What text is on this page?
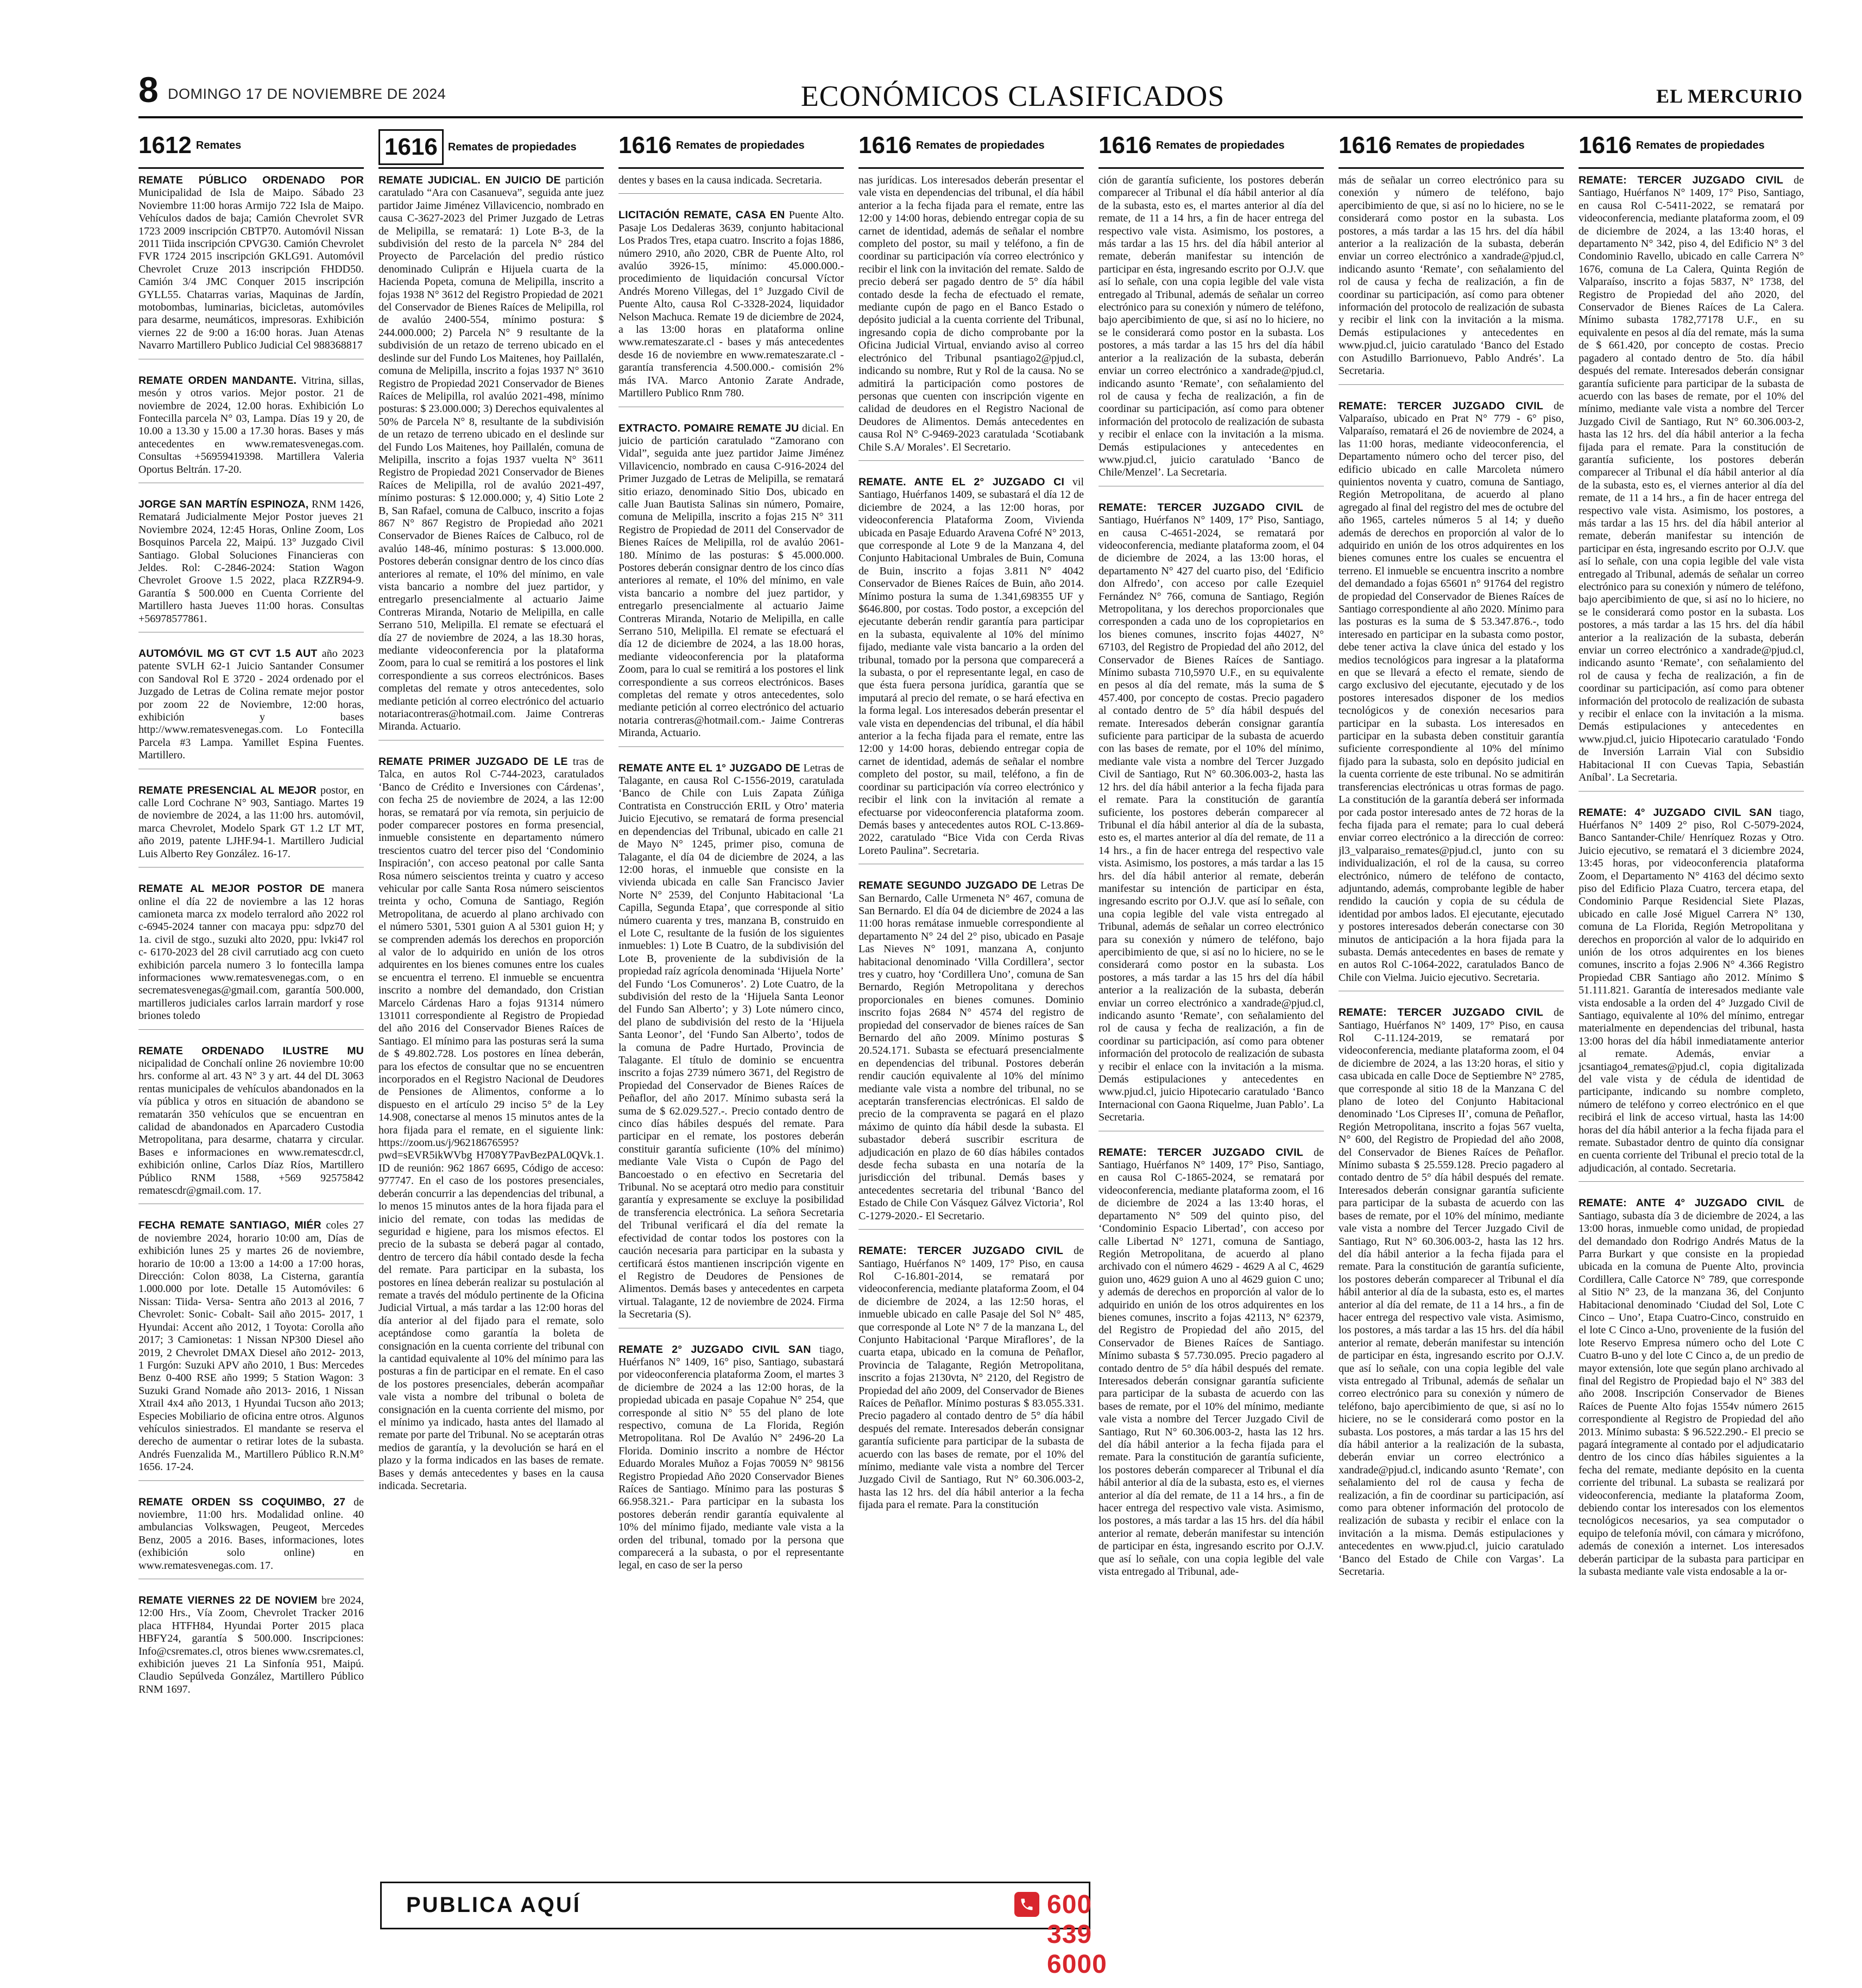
8 DOMINGO 17 DE NOVIEMBRE DE 2024	ECONÓMICOS CLASIFICADOS	EL MERCURIO
1612 Remates

REMATE PÚBLICO ORDENADO POR Municipalidad de Isla de Maipo. Sábado 23 Noviembre 11:00 horas Armijo 722 Isla de Maipo. Vehículos dados de baja; Camión Chevrolet SVR 1723 2009 inscripción CBTP70. Automóvil Nissan 2011 Tiida inscripción CPVG30. Camión Chevrolet FVR 1724 2015 inscripción GKLG91. Automóvil Chevrolet Cruze 2013 inscripción FHDD50. Camión 3/4 JMC Conquer 2015 inscripción GYLL55. Chatarras varias, Maquinas de Jardín, motobombas, luminarias, bicicletas, automóviles para desarme, neumáticos, impresoras. Exhibición viernes 22 de 9:00 a 16:00 horas. Juan Atenas Navarro Martillero Publico Judicial Cel 988368817

REMATE ORDEN MANDANTE. Vitrina, sillas, mesón y otros varios. Mejor postor. 21 de noviembre de 2024, 12.00 horas. Exhibición Lo Fontecilla parcela N° 03, Lampa. Días 19 y 20, de 10.00 a 13.30 y 15.00 a 17.30 horas. Bases y más antecedentes en www.rematesvenegas.com. Consultas +56959419398. Martillera Valeria Oportus Beltrán. 17-20.

JORGE SAN MARTÍN ESPINOZA, RNM 1426, Rematará Judicialmente Mejor Postor jueves 21 Noviembre 2024, 12:45 Horas, Online Zoom, Los Bosquinos Parcela 22, Maipú. 13° Juzgado Civil Santiago. Global Soluciones Financieras con Jeldes. Rol: C-2846-2024: Station Wagon Chevrolet Groove 1.5 2022, placa RZZR94-9. Garantía $ 500.000 en Cuenta Corriente del Martillero hasta Jueves 11:00 horas. Consultas +56978577861.

AUTOMÓVIL MG GT CVT 1.5 AUT año 2023 patente SVLH 62-1 Juicio Santander Consumer con Sandoval Rol E 3720 - 2024 ordenado por el Juzgado de Letras de Colina remate mejor postor por zoom 22 de Noviembre, 12:00 horas, exhibición y bases http://www.rematesvenegas.com. Lo Fontecilla Parcela #3 Lampa. Yamillet Espina Fuentes. Martillero.

REMATE PRESENCIAL AL MEJOR postor, en calle Lord Cochrane N° 903, Santiago. Martes 19 de noviembre de 2024, a las 11:00 hrs. automóvil, marca Chevrolet, Modelo Spark GT 1.2 LT MT, año 2019, patente LJHF.94-1. Martillero Judicial Luis Alberto Rey González. 16-17.

REMATE AL MEJOR POSTOR DE manera online el día 22 de noviembre a las 12 horas camioneta marca zx modelo terralord año 2022 rol c-6945-2024 tanner con macaya ppu: sdpz70 del 1a. civil de stgo., suzuki alto 2020, ppu: lvki47 rol c- 6170-2023 del 28 civil carrutiado acg con cueto exhibición parcela numero 3 lo fontecilla lampa informaciones www.rematesvenegas.com, o en secrematesvenegas@gmail.com, garantía 500.000, martilleros judiciales carlos larrain mardorf y rose briones toledo

REMATE ORDENADO ILUSTRE MU nicipalidad de Conchalí online 26 noviembre 10:00 hrs. conforme al art. 43 N° 3 y art. 44 del DL 3063 rentas municipales de vehículos abandonados en la vía pública y otros en situación de abandono se rematarán 350 vehículos que se encuentran en calidad de abandonados en Aparcadero Custodia Metropolitana, para desarme, chatarra y circular. Bases e informaciones en www.rematescdr.cl, exhibición online, Carlos Díaz Ríos, Martillero Público RNM 1588, +569 92575842 rematescdr@gmail.com. 17.

FECHA REMATE SANTIAGO, MIÉR coles 27 de noviembre 2024, horario 10:00 am, Días de exhibición lunes 25 y martes 26 de noviembre, horario de 10:00 a 13:00 a 14:00 a 17:00 horas, Dirección: Colon 8038, La Cisterna, garantía 1.000.000 por lote. Detalle 15 Automóviles: 6 Nissan: Tiida- Versa- Sentra año 2013 al 2016, 7 Chevrolet: Sonic- Cobalt- Sail año 2015- 2017, 1 Hyundai: Accent año 2012, 1 Toyota: Corolla año 2017; 3 Camionetas: 1 Nissan NP300 Diesel año 2019, 2 Chevrolet DMAX Diesel año 2012- 2013, 1 Furgón: Suzuki APV año 2010, 1 Bus: Mercedes Benz 0-400 RSE año 1999; 5 Station Wagon: 3 Suzuki Grand Nomade año 2013- 2016, 1 Nissan Xtrail 4x4 año 2013, 1 Hyundai Tucson año 2013; Especies Mobiliario de oficina entre otros. Algunos vehículos siniestrados. El mandante se reserva el derecho de aumentar o retirar lotes de la subasta. Andrés Fuenzalida M., Martillero Público R.N.M° 1656. 17-24.

REMATE ORDEN SS COQUIMBO, 27 de noviembre, 11:00 hrs. Modalidad online. 40 ambulancias Volkswagen, Peugeot, Mercedes Benz, 2005 a 2016. Bases, informaciones, lotes (exhibición solo online) en www.rematesvenegas.com. 17.

REMATE VIERNES 22 DE NOVIEM bre 2024, 12:00 Hrs., Vía Zoom, Chevrolet Tracker 2016 placa HTFH84, Hyundai Porter 2015 placa HBFY24, garantía $ 500.000. Inscripciones: Info@csremates.cl, otros bienes www.csremates.cl, exhibición jueves 21 La Sinfonía 951, Maipú. Claudio Sepúlveda González, Martillero Público RNM 1697.

1616 Remates de propiedades

REMATE JUDICIAL. EN JUICIO DE partición caratulado “Ara con Casanueva”, seguida ante juez partidor Jaime Jiménez Villavicencio, nombrado en causa C-3627-2023 del Primer Juzgado de Letras de Melipilla, se rematará: 1) Lote B-3, de la subdivisión del resto de la parcela N° 284 del Proyecto de Parcelación del predio rústico denominado Culiprán e Hijuela cuarta de la Hacienda Popeta, comuna de Melipilla, inscrito a fojas 1938 N° 3612 del Registro Propiedad de 2021 del Conservador de Bienes Raíces de Melipilla, rol de avalúo 2400-554, mínimo postura: $ 244.000.000; 2) Parcela N° 9 resultante de la subdivisión de un retazo de terreno ubicado en el deslinde sur del Fundo Los Maitenes, hoy Paillalén, comuna de Melipilla, inscrito a fojas 1937 N° 3610 Registro de Propiedad 2021 Conservador de Bienes Raíces de Melipilla, rol avalúo 2021-498, mínimo posturas: $ 23.000.000; 3) Derechos equivalentes al 50% de Parcela N° 8, resultante de la subdivisión de un retazo de terreno ubicado en el deslinde sur del Fundo Los Maitenes, hoy Paillalén, comuna de Melipilla, inscrito a fojas 1937 vuelta N° 3611 Registro de Propiedad 2021 Conservador de Bienes Raíces de Melipilla, rol de avalúo 2021-497, mínimo posturas: $ 12.000.000; y, 4) Sitio Lote 2 B, San Rafael, comuna de Calbuco, inscrito a fojas 867 N° 867 Registro de Propiedad año 2021 Conservador de Bienes Raíces de Calbuco, rol de avalúo 148-46, mínimo posturas: $ 13.000.000. Postores deberán consignar dentro de los cinco días anteriores al remate, el 10% del mínimo, en vale vista bancario a nombre del juez partidor, y entregarlo presencialmente al actuario Jaime Contreras Miranda, Notario de Melipilla, en calle Serrano 510, Melipilla. El remate se efectuará el día 27 de noviembre de 2024, a las 18.30 horas, mediante videoconferencia por la plataforma Zoom, para lo cual se remitirá a los postores el link correspondiente a sus correos electrónicos. Bases completas del remate y otros antecedentes, solo mediante petición al correo electrónico del actuario notariacontreras@hotmail.com. Jaime Contreras Miranda. Actuario.

REMATE PRIMER JUZGADO DE LE tras de Talca, en autos Rol C-744-2023, caratulados ‘Banco de Crédito e Inversiones con Cárdenas’, con fecha 25 de noviembre de 2024, a las 12:00 horas, se rematará por vía remota, sin perjuicio de poder comparecer postores en forma presencial, inmueble consistente en departamento número trescientos cuatro del tercer piso del ‘Condominio Inspiración’, con acceso peatonal por calle Santa Rosa número seiscientos treinta y cuatro y acceso vehicular por calle Santa Rosa número seiscientos treinta y ocho, Comuna de Santiago, Región Metropolitana, de acuerdo al plano archivado con el número 5301, 5301 guion A al 5301 guion H; y se comprenden además los derechos en proporción al valor de lo adquirido en unión de los otros adquirentes en los bienes comunes entre los cuales se encuentra el terreno. El inmueble se encuentra inscrito a nombre del demandado, don Cristian Marcelo Cárdenas Haro a fojas 91314 número 131011 correspondiente al Registro de Propiedad del año 2016 del Conservador Bienes Raíces de Santiago. El mínimo para las posturas será la suma de $ 49.802.728. Los postores en línea deberán, para los efectos de consultar que no se encuentren incorporados en el Registro Nacional de Deudores de Pensiones de Alimentos, conforme a lo dispuesto en el artículo 29 inciso 5° de la Ley 14.908, conectarse al menos 15 minutos antes de la hora fijada para el remate, en el siguiente link: https://zoom.us/j/96218676595?pwd=sEVR5ikWVbg H708Y7PavBezPAL0QVk.1. ID de reunión: 962 1867 6695, Código de acceso: 977747. En el caso de los postores presenciales, deberán concurrir a las dependencias del tribunal, a lo menos 15 minutos antes de la hora fijada para el inicio del remate, con todas las medidas de seguridad e higiene, para los mismos efectos. El precio de la subasta se deberá pagar al contado, dentro de tercero día hábil contado desde la fecha del remate. Para participar en la subasta, los postores en línea deberán realizar su postulación al remate a través del módulo pertinente de la Oficina Judicial Virtual, a más tardar a las 12:00 horas del día anterior al del fijado para el remate, solo aceptándose como garantía la boleta de consignación en la cuenta corriente del tribunal con la cantidad equivalente al 10% del mínimo para las posturas a fin de participar en el remate. En el caso de los postores presenciales, deberán acompañar vale vista a nombre del tribunal o boleta de consignación en la cuenta corriente del mismo, por el mínimo ya indicado, hasta antes del llamado al remate por parte del Tribunal. No se aceptarán otras medios de garantía, y la devolución se hará en el plazo y la forma indicados en las bases de remate. Bases y demás antecedentes y bases en la causa indicada. Secretaria.

1616 Remates de propiedades

dentes y bases en la causa indicada. Secretaria.

LICITACIÓN REMATE, CASA EN Puente Alto. Pasaje Los Dedaleras 3639, conjunto habitacional Los Prados Tres, etapa cuatro. Inscrito a fojas 1886, número 2910, año 2020, CBR de Puente Alto, rol avalúo 3926-15, mínimo: 45.000.000.- procedimiento de liquidación concursal Víctor Andrés Moreno Villegas, del 1° Juzgado Civil de Puente Alto, causa Rol C-3328-2024, liquidador Nelson Machuca. Remate 19 de diciembre de 2024, a las 13:00 horas en plataforma online www.remateszarate.cl - bases y más antecedentes desde 16 de noviembre en www.remateszarate.cl - garantía transferencia 4.500.000.- comisión 2% más IVA. Marco Antonio Zarate Andrade, Martillero Publico Rnm 780.

EXTRACTO. POMAIRE REMATE JU dicial. En juicio de partición caratulado “Zamorano con Vidal”, seguida ante juez partidor Jaime Jiménez Villavicencio, nombrado en causa C-916-2024 del Primer Juzgado de Letras de Melipilla, se rematará sitio eriazo, denominado Sitio Dos, ubicado en calle Juan Bautista Salinas sin número, Pomaire, comuna de Melipilla, inscrito a fojas 215 N° 311 Registro de Propiedad de 2011 del Conservador de Bienes Raíces de Melipilla, rol de avalúo 2061-180. Mínimo de las posturas: $ 45.000.000. Postores deberán consignar dentro de los cinco días anteriores al remate, el 10% del mínimo, en vale vista bancario a nombre del juez partidor, y entregarlo presencialmente al actuario Jaime Contreras Miranda, Notario de Melipilla, en calle Serrano 510, Melipilla. El remate se efectuará el día 12 de diciembre de 2024, a las 18.00 horas, mediante videoconferencia por la plataforma Zoom, para lo cual se remitirá a los postores el link correspondiente a sus correos electrónicos. Bases completas del remate y otros antecedentes, solo mediante petición al correo electrónico del actuario notaria contreras@hotmail.com.- Jaime Contreras Miranda, Actuario.

REMATE ANTE EL 1° JUZGADO DE Letras de Talagante, en causa Rol C-1556-2019, caratulada ‘Banco de Chile con Luis Zapata Zúñiga Contratista en Construcción ERIL y Otro’ materia Juicio Ejecutivo, se rematará de forma presencial en dependencias del Tribunal, ubicado en calle 21 de Mayo N° 1245, primer piso, comuna de Talagante, el día 04 de diciembre de 2024, a las 12:00 horas, el inmueble que consiste en la vivienda ubicada en calle San Francisco Javier Norte N° 2539, del Conjunto Habitacional ‘La Capilla, Segunda Etapa’, que corresponde al sitio número cuarenta y tres, manzana B, construido en el Lote C, resultante de la fusión de los siguientes inmuebles: 1) Lote B Cuatro, de la subdivisión del Lote B, proveniente de la subdivisión de la propiedad raíz agrícola denominada ‘Hijuela Norte’ del Fundo ‘Los Comuneros’. 2) Lote Cuatro, de la subdivisión del resto de la ‘Hijuela Santa Leonor del Fundo San Alberto’; y 3) Lote número cinco, del plano de subdivisión del resto de la ‘Hijuela Santa Leonor’, del ‘Fundo San Alberto’, todos de la comuna de Padre Hurtado, Provincia de Talagante. El título de dominio se encuentra inscrito a fojas 2739 número 3671, del Registro de Propiedad del Conservador de Bienes Raíces de Peñaflor, del año 2017. Mínimo subasta será la suma de $ 62.029.527.-. Precio contado dentro de cinco días hábiles después del remate. Para participar en el remate, los postores deberán constituir garantía suficiente (10% del mínimo) mediante Vale Vista o Cupón de Pago del Bancoestado o en efectivo en Secretaria del Tribunal. No se aceptará otro medio para constituir garantía y expresamente se excluye la posibilidad de transferencia electrónica. La señora Secretaria del Tribunal verificará el día del remate la efectividad de contar todos los postores con la caución necesaria para participar en la subasta y certificará éstos mantienen inscripción vigente en el Registro de Deudores de Pensiones de Alimentos. Demás bases y antecedentes en carpeta virtual. Talagante, 12 de noviembre de 2024. Firma la Secretaria (S).

REMATE 2° JUZGADO CIVIL SAN tiago, Huérfanos N° 1409, 16° piso, Santiago, subastará por videoconferencia plataforma Zoom, el martes 3 de diciembre de 2024 a las 12:00 horas, de la propiedad ubicada en pasaje Copahue N° 254, que corresponde al sitio N° 55 del plano de lote respectivo, comuna de La Florida, Región Metropolitana. Rol De Avalúo N° 2496-20 La Florida. Dominio inscrito a nombre de Héctor Eduardo Morales Muñoz a Fojas 70059 N° 98156 Registro Propiedad Año 2020 Conservador Bienes Raíces de Santiago. Mínimo para las posturas $ 66.958.321.- Para participar en la subasta los postores deberán rendir garantía equivalente al 10% del mínimo fijado, mediante vale vista a la orden del tribunal, tomado por la persona que comparecerá a la subasta, o por el representante legal, en caso de ser la perso

1616 Remates de propiedades

nas jurídicas. Los interesados deberán presentar el vale vista en dependencias del tribunal, el día hábil anterior a la fecha fijada para el remate, entre las 12:00 y 14:00 horas, debiendo entregar copia de su carnet de identidad, además de señalar el nombre completo del postor, su mail y teléfono, a fin de coordinar su participación vía correo electrónico y recibir el link con la invitación del remate. Saldo de precio deberá ser pagado dentro de 5° día hábil contado desde la fecha de efectuado el remate, mediante cupón de pago en el Banco Estado o depósito judicial a la cuenta corriente del Tribunal, ingresando copia de dicho comprobante por la Oficina Judicial Virtual, enviando aviso al correo electrónico del Tribunal psantiago2@pjud.cl, indicando su nombre, Rut y Rol de la causa. No se admitirá la participación como postores de personas que cuenten con inscripción vigente en calidad de deudores en el Registro Nacional de Deudores de Alimentos. Demás antecedentes en causa Rol N° C-9469-2023 caratulada ‘Scotiabank Chile S.A/ Morales’. El Secretario.

REMATE. ANTE EL 2° JUZGADO CI vil Santiago, Huérfanos 1409, se subastará el día 12 de diciembre de 2024, a las 12:00 horas, por videoconferencia Plataforma Zoom, Vivienda ubicada en Pasaje Eduardo Aravena Cofré N° 2013, que corresponde al Lote 9 de la Manzana 4, del Conjunto Habitacional Umbrales de Buin, Comuna de Buin, inscrito a fojas 3.811 N° 4042 Conservador de Bienes Raíces de Buin, año 2014. Mínimo postura la suma de 1.341,698355 UF y $646.800, por costas. Todo postor, a excepción del ejecutante deberán rendir garantía para participar en la subasta, equivalente al 10% del mínimo fijado, mediante vale vista bancario a la orden del tribunal, tomado por la persona que comparecerá a la subasta, o por el representante legal, en caso de que ésta fuera persona jurídica, garantía que se imputará al precio del remate, o se hará efectiva en la forma legal. Los interesados deberán presentar el vale vista en dependencias del tribunal, el día hábil anterior a la fecha fijada para el remate, entre las 12:00 y 14:00 horas, debiendo entregar copia de carnet de identidad, además de señalar el nombre completo del postor, su mail, teléfono, a fin de coordinar su participación vía correo electrónico y recibir el link con la invitación al remate a efectuarse por videoconferencia plataforma zoom. Demás bases y antecedentes autos ROL C-13.869-2022, caratulado “Bice Vida con Cerda Rivas Loreto Paulina”. Secretaria.

REMATE SEGUNDO JUZGADO DE Letras De San Bernardo, Calle Urmeneta N° 467, comuna de San Bernardo. El día 04 de diciembre de 2024 a las 11:00 horas remátase inmueble correspondiente al departamento N° 24 del 2° piso, ubicado en Pasaje Las Nieves N° 1091, manzana A, conjunto habitacional denominado ‘Villa Cordillera’, sector tres y cuatro, hoy ‘Cordillera Uno’, comuna de San Bernardo, Región Metropolitana y derechos proporcionales en bienes comunes. Dominio inscrito fojas 2684 N° 4574 del registro de propiedad del conservador de bienes raíces de San Bernardo del año 2009. Mínimo posturas $ 20.524.171. Subasta se efectuará presencialmente en dependencias del tribunal. Postores deberán rendir caución equivalente al 10% del mínimo mediante vale vista a nombre del tribunal, no se aceptarán transferencias electrónicas. El saldo de precio de la compraventa se pagará en el plazo máximo de quinto día hábil desde la subasta. El subastador deberá suscribir escritura de adjudicación en plazo de 60 días hábiles contados desde fecha subasta en una notaría de la jurisdicción del tribunal. Demás bases y antecedentes secretaria del tribunal ‘Banco del Estado de Chile Con Vásquez Gálvez Victoria’, Rol C-1279-2020.- El Secretario.

REMATE: TERCER JUZGADO CIVIL de Santiago, Huérfanos N° 1409, 17° Piso, en causa Rol C-16.801-2014, se rematará por videoconferencia, mediante plataforma Zoom, el 04 de diciembre de 2024, a las 12:50 horas, el inmueble ubicado en calle Pasaje del Sol N° 485, que corresponde al Lote N° 7 de la manzana L, del Conjunto Habitacional ‘Parque Miraflores’, de la cuarta etapa, ubicado en la comuna de Peñaflor, Provincia de Talagante, Región Metropolitana, inscrito a fojas 2130vta, N° 2120, del Registro de Propiedad del año 2009, del Conservador de Bienes Raíces de Peñaflor. Mínimo posturas $ 83.055.331. Precio pagadero al contado dentro de 5° día hábil después del remate. Interesados deberán consignar garantía suficiente para participar de la subasta de acuerdo con las bases de remate, por el 10% del mínimo, mediante vale vista a nombre del Tercer Juzgado Civil de Santiago, Rut N° 60.306.003-2, hasta las 12 hrs. del día hábil anterior a la fecha fijada para el remate. Para la constitución

1616 Remates de propiedades

ción de garantía suficiente, los postores deberán comparecer al Tribunal el día hábil anterior al día de la subasta, esto es, el martes anterior al día del remate, de 11 a 14 hrs, a fin de hacer entrega del respectivo vale vista. Asimismo, los postores, a más tardar a las 15 hrs. del día hábil anterior al remate, deberán manifestar su intención de participar en ésta, ingresando escrito por O.J.V. que así lo señale, con una copia legible del vale vista entregado al Tribunal, además de señalar un correo electrónico para su conexión y número de teléfono, bajo apercibimiento de que, si así no lo hiciere, no se le considerará como postor en la subasta. Los postores, a más tardar a las 15 hrs del día hábil anterior a la realización de la subasta, deberán enviar un correo electrónico a xandrade@pjud.cl, indicando asunto ‘Remate’, con señalamiento del rol de causa y fecha de realización, a fin de coordinar su participación, así como para obtener información del protocolo de realización de subasta y recibir el enlace con la invitación a la misma. Demás estipulaciones y antecedentes en www.pjud.cl, juicio caratulado ‘Banco de Chile/Menzel’. La Secretaria.

REMATE: TERCER JUZGADO CIVIL de Santiago, Huérfanos N° 1409, 17° Piso, Santiago, en causa C-4651-2024, se rematará por videoconferencia, mediante plataforma zoom, el 04 de diciembre de 2024, a las 13:00 horas, el departamento N° 427 del cuarto piso, del ‘Edificio don Alfredo’, con acceso por calle Ezequiel Fernández N° 766, comuna de Santiago, Región Metropolitana, y los derechos proporcionales que corresponden a cada uno de los copropietarios en los bienes comunes, inscrito fojas 44027, N° 67103, del Registro de Propiedad del año 2012, del Conservador de Bienes Raíces de Santiago. Mínimo subasta 710,5970 U.F., en su equivalente en pesos al día del remate, más la suma de $ 457.400, por concepto de costas. Precio pagadero al contado dentro de 5° día hábil después del remate. Interesados deberán consignar garantía suficiente para participar de la subasta de acuerdo con las bases de remate, por el 10% del mínimo, mediante vale vista a nombre del Tercer Juzgado Civil de Santiago, Rut N° 60.306.003-2, hasta las 12 hrs. del día hábil anterior a la fecha fijada para el remate. Para la constitución de garantía suficiente, los postores deberán comparecer al Tribunal el día hábil anterior al día de la subasta, esto es, el martes anterior al día del remate, de 11 a 14 hrs., a fin de hacer entrega del respectivo vale vista. Asimismo, los postores, a más tardar a las 15 hrs. del día hábil anterior al remate, deberán manifestar su intención de participar en ésta, ingresando escrito por O.J.V. que así lo señale, con una copia legible del vale vista entregado al Tribunal, además de señalar un correo electrónico para su conexión y número de teléfono, bajo apercibimiento de que, si así no lo hiciere, no se le considerará como postor en la subasta. Los postores, a más tardar a las 15 hrs del día hábil anterior a la realización de la subasta, deberán enviar un correo electrónico a xandrade@pjud.cl, indicando asunto ‘Remate’, con señalamiento del rol de causa y fecha de realización, a fin de coordinar su participación, así como para obtener información del protocolo de realización de subasta y recibir el enlace con la invitación a la misma. Demás estipulaciones y antecedentes en www.pjud.cl, juicio Hipotecario caratulado ‘Banco Internacional con Gaona Riquelme, Juan Pablo’. La Secretaria.

REMATE: TERCER JUZGADO CIVIL de Santiago, Huérfanos N° 1409, 17° Piso, Santiago, en causa Rol C-1865-2024, se rematará por videoconferencia, mediante plataforma zoom, el 16 de diciembre de 2024 a las 13:40 horas, el departamento N° 509 del quinto piso, del ‘Condominio Espacio Libertad’, con acceso por calle Libertad N° 1271, comuna de Santiago, Región Metropolitana, de acuerdo al plano archivado con el número 4629 - 4629 A al C, 4629 guion uno, 4629 guion A uno al 4629 guion C uno; y además de derechos en proporción al valor de lo adquirido en unión de los otros adquirentes en los bienes comunes, inscrito a fojas 42113, N° 62379, del Registro de Propiedad del año 2015, del Conservador de Bienes Raíces de Santiago. Mínimo subasta $ 57.730.095. Precio pagadero al contado dentro de 5° día hábil después del remate. Interesados deberán consignar garantía suficiente para participar de la subasta de acuerdo con las bases de remate, por el 10% del mínimo, mediante vale vista a nombre del Tercer Juzgado Civil de Santiago, Rut N° 60.306.003-2, hasta las 12 hrs. del día hábil anterior a la fecha fijada para el remate. Para la constitución de garantía suficiente, los postores deberán comparecer al Tribunal el día hábil anterior al día de la subasta, esto es, el viernes anterior al día del remate, de 11 a 14 hrs., a fin de hacer entrega del respectivo vale vista. Asimismo, los postores, a más tardar a las 15 hrs. del día hábil anterior al remate, deberán manifestar su intención de participar en ésta, ingresando escrito por O.J.V. que así lo señale, con una copia legible del vale vista entregado al Tribunal, ade-

1616 Remates de propiedades

más de señalar un correo electrónico para su conexión y número de teléfono, bajo apercibimiento de que, si así no lo hiciere, no se le considerará como postor en la subasta. Los postores, a más tardar a las 15 hrs. del día hábil anterior a la realización de la subasta, deberán enviar un correo electrónico a xandrade@pjud.cl, indicando asunto ‘Remate’, con señalamiento del rol de causa y fecha de realización, a fin de coordinar su participación, así como para obtener información del protocolo de realización de subasta y recibir el link con la invitación a la misma. Demás estipulaciones y antecedentes en www.pjud.cl, juicio caratulado ‘Banco del Estado con Astudillo Barrionuevo, Pablo Andrés’. La Secretaria.

REMATE: TERCER JUZGADO CIVIL de Valparaíso, ubicado en Prat N° 779 - 6° piso, Valparaíso, rematará el 26 de noviembre de 2024, a las 11:00 horas, mediante videoconferencia, el Departamento número ocho del tercer piso, del edificio ubicado en calle Marcoleta número quinientos noventa y cuatro, comuna de Santiago, Región Metropolitana, de acuerdo al plano agregado al final del registro del mes de octubre del año 1965, carteles números 5 al 14; y dueño además de derechos en proporción al valor de lo adquirido en unión de los otros adquirentes en los bienes comunes entre los cuales se encuentra el terreno. El inmueble se encuentra inscrito a nombre del demandado a fojas 65601 n° 91764 del registro de propiedad del Conservador de Bienes Raíces de Santiago correspondiente al año 2020. Mínimo para las posturas es la suma de $ 53.347.876.-, todo interesado en participar en la subasta como postor, debe tener activa la clave única del estado y los medios tecnológicos para ingresar a la plataforma en que se llevará a efecto el remate, siendo de cargo exclusivo del ejecutante, ejecutado y de los postores interesados disponer de los medios tecnológicos y de conexión necesarios para participar en la subasta. Los interesados en participar en la subasta deben constituir garantía suficiente correspondiente al 10% del mínimo fijado para la subasta, solo en depósito judicial en la cuenta corriente de este tribunal. No se admitirán transferencias electrónicas u otras formas de pago. La constitución de la garantía deberá ser informada por cada postor interesado antes de 72 horas de la fecha fijada para el remate; para lo cual deberá enviar correo electrónico a la dirección de correo: jl3_valparaiso_remates@pjud.cl, junto con su individualización, el rol de la causa, su correo electrónico, número de teléfono de contacto, adjuntando, además, comprobante legible de haber rendido la caución y copia de su cédula de identidad por ambos lados. El ejecutante, ejecutado y postores interesados deberán conectarse con 30 minutos de anticipación a la hora fijada para la subasta. Demás antecedentes en bases de remate y en autos Rol C-1064-2022, caratulados Banco de Chile con Vielma. Juicio ejecutivo. Secretaria.

REMATE: TERCER JUZGADO CIVIL de Santiago, Huérfanos N° 1409, 17° Piso, en causa Rol C-11.124-2019, se rematará por videoconferencia, mediante plataforma zoom, el 04 de diciembre de 2024, a las 13:20 horas, el sitio y casa ubicada en calle Doce de Septiembre N° 2785, que corresponde al sitio 18 de la Manzana C del plano de loteo del Conjunto Habitacional denominado ‘Los Cipreses II’, comuna de Peñaflor, Región Metropolitana, inscrito a fojas 567 vuelta, N° 600, del Registro de Propiedad del año 2008, del Conservador de Bienes Raíces de Peñaflor. Mínimo subasta $ 25.559.128. Precio pagadero al contado dentro de 5° día hábil después del remate. Interesados deberán consignar garantía suficiente para participar de la subasta de acuerdo con las bases de remate, por el 10% del mínimo, mediante vale vista a nombre del Tercer Juzgado Civil de Santiago, Rut N° 60.306.003-2, hasta las 12 hrs. del día hábil anterior a la fecha fijada para el remate. Para la constitución de garantía suficiente, los postores deberán comparecer al Tribunal el día hábil anterior al día de la subasta, esto es, el martes anterior al día del remate, de 11 a 14 hrs., a fin de hacer entrega del respectivo vale vista. Asimismo, los postores, a más tardar a las 15 hrs. del día hábil anterior al remate, deberán manifestar su intención de participar en ésta, ingresando escrito por O.J.V. que así lo señale, con una copia legible del vale vista entregado al Tribunal, además de señalar un correo electrónico para su conexión y número de teléfono, bajo apercibimiento de que, si así no lo hiciere, no se le considerará como postor en la subasta. Los postores, a más tardar a las 15 hrs del día hábil anterior a la realización de la subasta, deberán enviar un correo electrónico a xandrade@pjud.cl, indicando asunto ‘Remate’, con señalamiento del rol de causa y fecha de realización, a fin de coordinar su participación, así como para obtener información del protocolo de realización de subasta y recibir el enlace con la invitación a la misma. Demás estipulaciones y antecedentes en www.pjud.cl, juicio caratulado ‘Banco del Estado de Chile con Vargas’. La Secretaria.

1616 Remates de propiedades

REMATE: TERCER JUZGADO CIVIL de Santiago, Huérfanos N° 1409, 17° Piso, Santiago, en causa Rol C-5411-2022, se rematará por videoconferencia, mediante plataforma zoom, el 09 de diciembre de 2024, a las 13:40 horas, el departamento N° 342, piso 4, del Edificio N° 3 del Condominio Ravello, ubicado en calle Carrera N° 1676, comuna de La Calera, Quinta Región de Valparaíso, inscrito a fojas 5837, N° 1738, del Registro de Propiedad del año 2020, del Conservador de Bienes Raíces de La Calera. Mínimo subasta 1782,77178 U.F., en su equivalente en pesos al día del remate, más la suma de $ 661.420, por concepto de costas. Precio pagadero al contado dentro de 5to. día hábil después del remate. Interesados deberán consignar garantía suficiente para participar de la subasta de acuerdo con las bases de remate, por el 10% del mínimo, mediante vale vista a nombre del Tercer Juzgado Civil de Santiago, Rut N° 60.306.003-2, hasta las 12 hrs. del día hábil anterior a la fecha fijada para el remate. Para la constitución de garantía suficiente, los postores deberán comparecer al Tribunal el día hábil anterior al día de la subasta, esto es, el viernes anterior al día del remate, de 11 a 14 hrs., a fin de hacer entrega del respectivo vale vista. Asimismo, los postores, a más tardar a las 15 hrs. del día hábil anterior al remate, deberán manifestar su intención de participar en ésta, ingresando escrito por O.J.V. que así lo señale, con una copia legible del vale vista entregado al Tribunal, además de señalar un correo electrónico para su conexión y número de teléfono, bajo apercibimiento de que, si así no lo hiciere, no se le considerará como postor en la subasta. Los postores, a más tardar a las 15 hrs. del día hábil anterior a la realización de la subasta, deberán enviar un correo electrónico a xandrade@pjud.cl, indicando asunto ‘Remate’, con señalamiento del rol de causa y fecha de realización, a fin de coordinar su participación, así como para obtener información del protocolo de realización de subasta y recibir el enlace con la invitación a la misma. Demás estipulaciones y antecedentes en www.pjud.cl, juicio Hipotecario caratulado ‘Fondo de Inversión Larrain Vial con Subsidio Habitacional II con Cuevas Tapia, Sebastián Aníbal’. La Secretaria.

REMATE: 4° JUZGADO CIVIL SAN tiago, Huérfanos N° 1409 2° piso, Rol C-5079-2024, Banco Santander-Chile/ Henríquez Rozas y Otro. Juicio ejecutivo, se rematará el 3 diciembre 2024, 13:45 horas, por videoconferencia plataforma Zoom, el Departamento N° 4163 del décimo sexto piso del Edificio Plaza Cuatro, tercera etapa, del Condominio Parque Residencial Siete Plazas, ubicado en calle José Miguel Carrera N° 130, comuna de La Florida, Región Metropolitana y derechos en proporción al valor de lo adquirido en unión de los otros adquirentes en los bienes comunes, inscrito a fojas 2.906 N° 4.366 Registro Propiedad CBR Santiago año 2012. Mínimo $ 51.111.821. Garantía de interesados mediante vale vista endosable a la orden del 4° Juzgado Civil de Santiago, equivalente al 10% del mínimo, entregar materialmente en dependencias del tribunal, hasta 13:00 horas del día hábil inmediatamente anterior al remate. Además, enviar a jcsantiago4_remates@pjud.cl, copia digitalizada del vale vista y de cédula de identidad de participante, indicando su nombre completo, número de teléfono y correo electrónico en el que recibirá el link de acceso virtual, hasta las 14:00 horas del día hábil anterior a la fecha fijada para el remate. Subastador dentro de quinto día consignar en cuenta corriente del Tribunal el precio total de la adjudicación, al contado. Secretaria.

REMATE: ANTE 4° JUZGADO CIVIL de Santiago, subasta día 3 de diciembre de 2024, a las 13:00 horas, inmueble como unidad, de propiedad del demandado don Rodrigo Andrés Matus de la Parra Burkart y que consiste en la propiedad ubicada en la comuna de Puente Alto, provincia Cordillera, Calle Catorce N° 789, que corresponde al Sitio N° 23, de la manzana 36, del Conjunto Habitacional denominado ‘Ciudad del Sol, Lote C Cinco – Uno’, Etapa Cuatro-Cinco, construido en el lote C Cinco a-Uno, proveniente de la fusión del lote Reservo Empresa número ocho del Lote C Cuatro B-uno y del lote C Cinco a, de un predio de mayor extensión, lote que según plano archivado al final del Registro de Propiedad bajo el N° 383 del año 2008. Inscripción Conservador de Bienes Raíces de Puente Alto fojas 1554v número 2615 correspondiente al Registro de Propiedad del año 2013. Mínimo subasta: $ 96.522.290.- El precio se pagará íntegramente al contado por el adjudicatario dentro de los cinco días hábiles siguientes a la fecha del remate, mediante depósito en la cuenta corriente del tribunal. La subasta se realizará por videoconferencia, mediante la plataforma Zoom, debiendo contar los interesados con los elementos tecnológicos necesarios, ya sea computador o equipo de telefonía móvil, con cámara y micrófono, además de conexión a internet. Los interesados deberán participar de la subasta para participar en la subasta mediante vale vista endosable a la or-

PUBLICA AQUÍ	600 339 6000
